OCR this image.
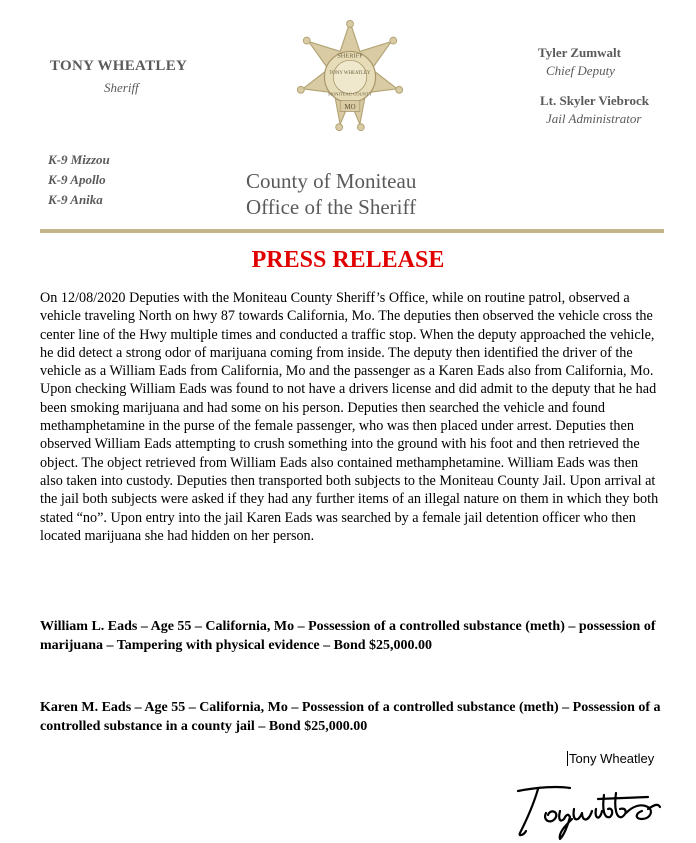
TONY WHEATLEY
Sheriff
SHERIFF
TONY WHEATLEY
MONITEAU COUNTY
MO
Tyler Zumwalt
Chief Deputy
Lt. Skyler Viebrock
Jail Administrator
K-9 Mizzou
K-9 Apollo
K-9 Anika
County of Moniteau
Office of the Sheriff
PRESS RELEASE
On 12/08/2020 Deputies with the Moniteau County Sheriff’s Office, while on routine patrol, observed a vehicle traveling North on hwy 87 towards California, Mo. The deputies then observed the vehicle cross the center line of the Hwy multiple times and conducted a traffic stop. When the deputy approached the vehicle, he did detect a strong odor of marijuana coming from inside. The deputy then identified the driver of the vehicle as a William Eads from California, Mo and the passenger as a Karen Eads also from California, Mo. Upon checking William Eads was found to not have a drivers license and did admit to the deputy that he had been smoking marijuana and had some on his person. Deputies then searched the vehicle and found methamphetamine in the purse of the female passenger, who was then placed under arrest. Deputies then observed William Eads attempting to crush something into the ground with his foot and then retrieved the object. The object retrieved from William Eads also contained methamphetamine. William Eads was then also taken into custody. Deputies then transported both subjects to the Moniteau County Jail. Upon arrival at the jail both subjects were asked if they had any further items of an illegal nature on them in which they both stated “no”. Upon entry into the jail Karen Eads was searched by a female jail detention officer who then located marijuana she had hidden on her person.
William L. Eads – Age 55 – California, Mo – Possession of a controlled substance (meth) – possession of marijuana – Tampering with physical evidence – Bond $25,000.00
Karen M. Eads – Age 55 – California, Mo – Possession of a controlled substance (meth) – Possession of a controlled substance in a county jail – Bond $25,000.00
Tony Wheatley
